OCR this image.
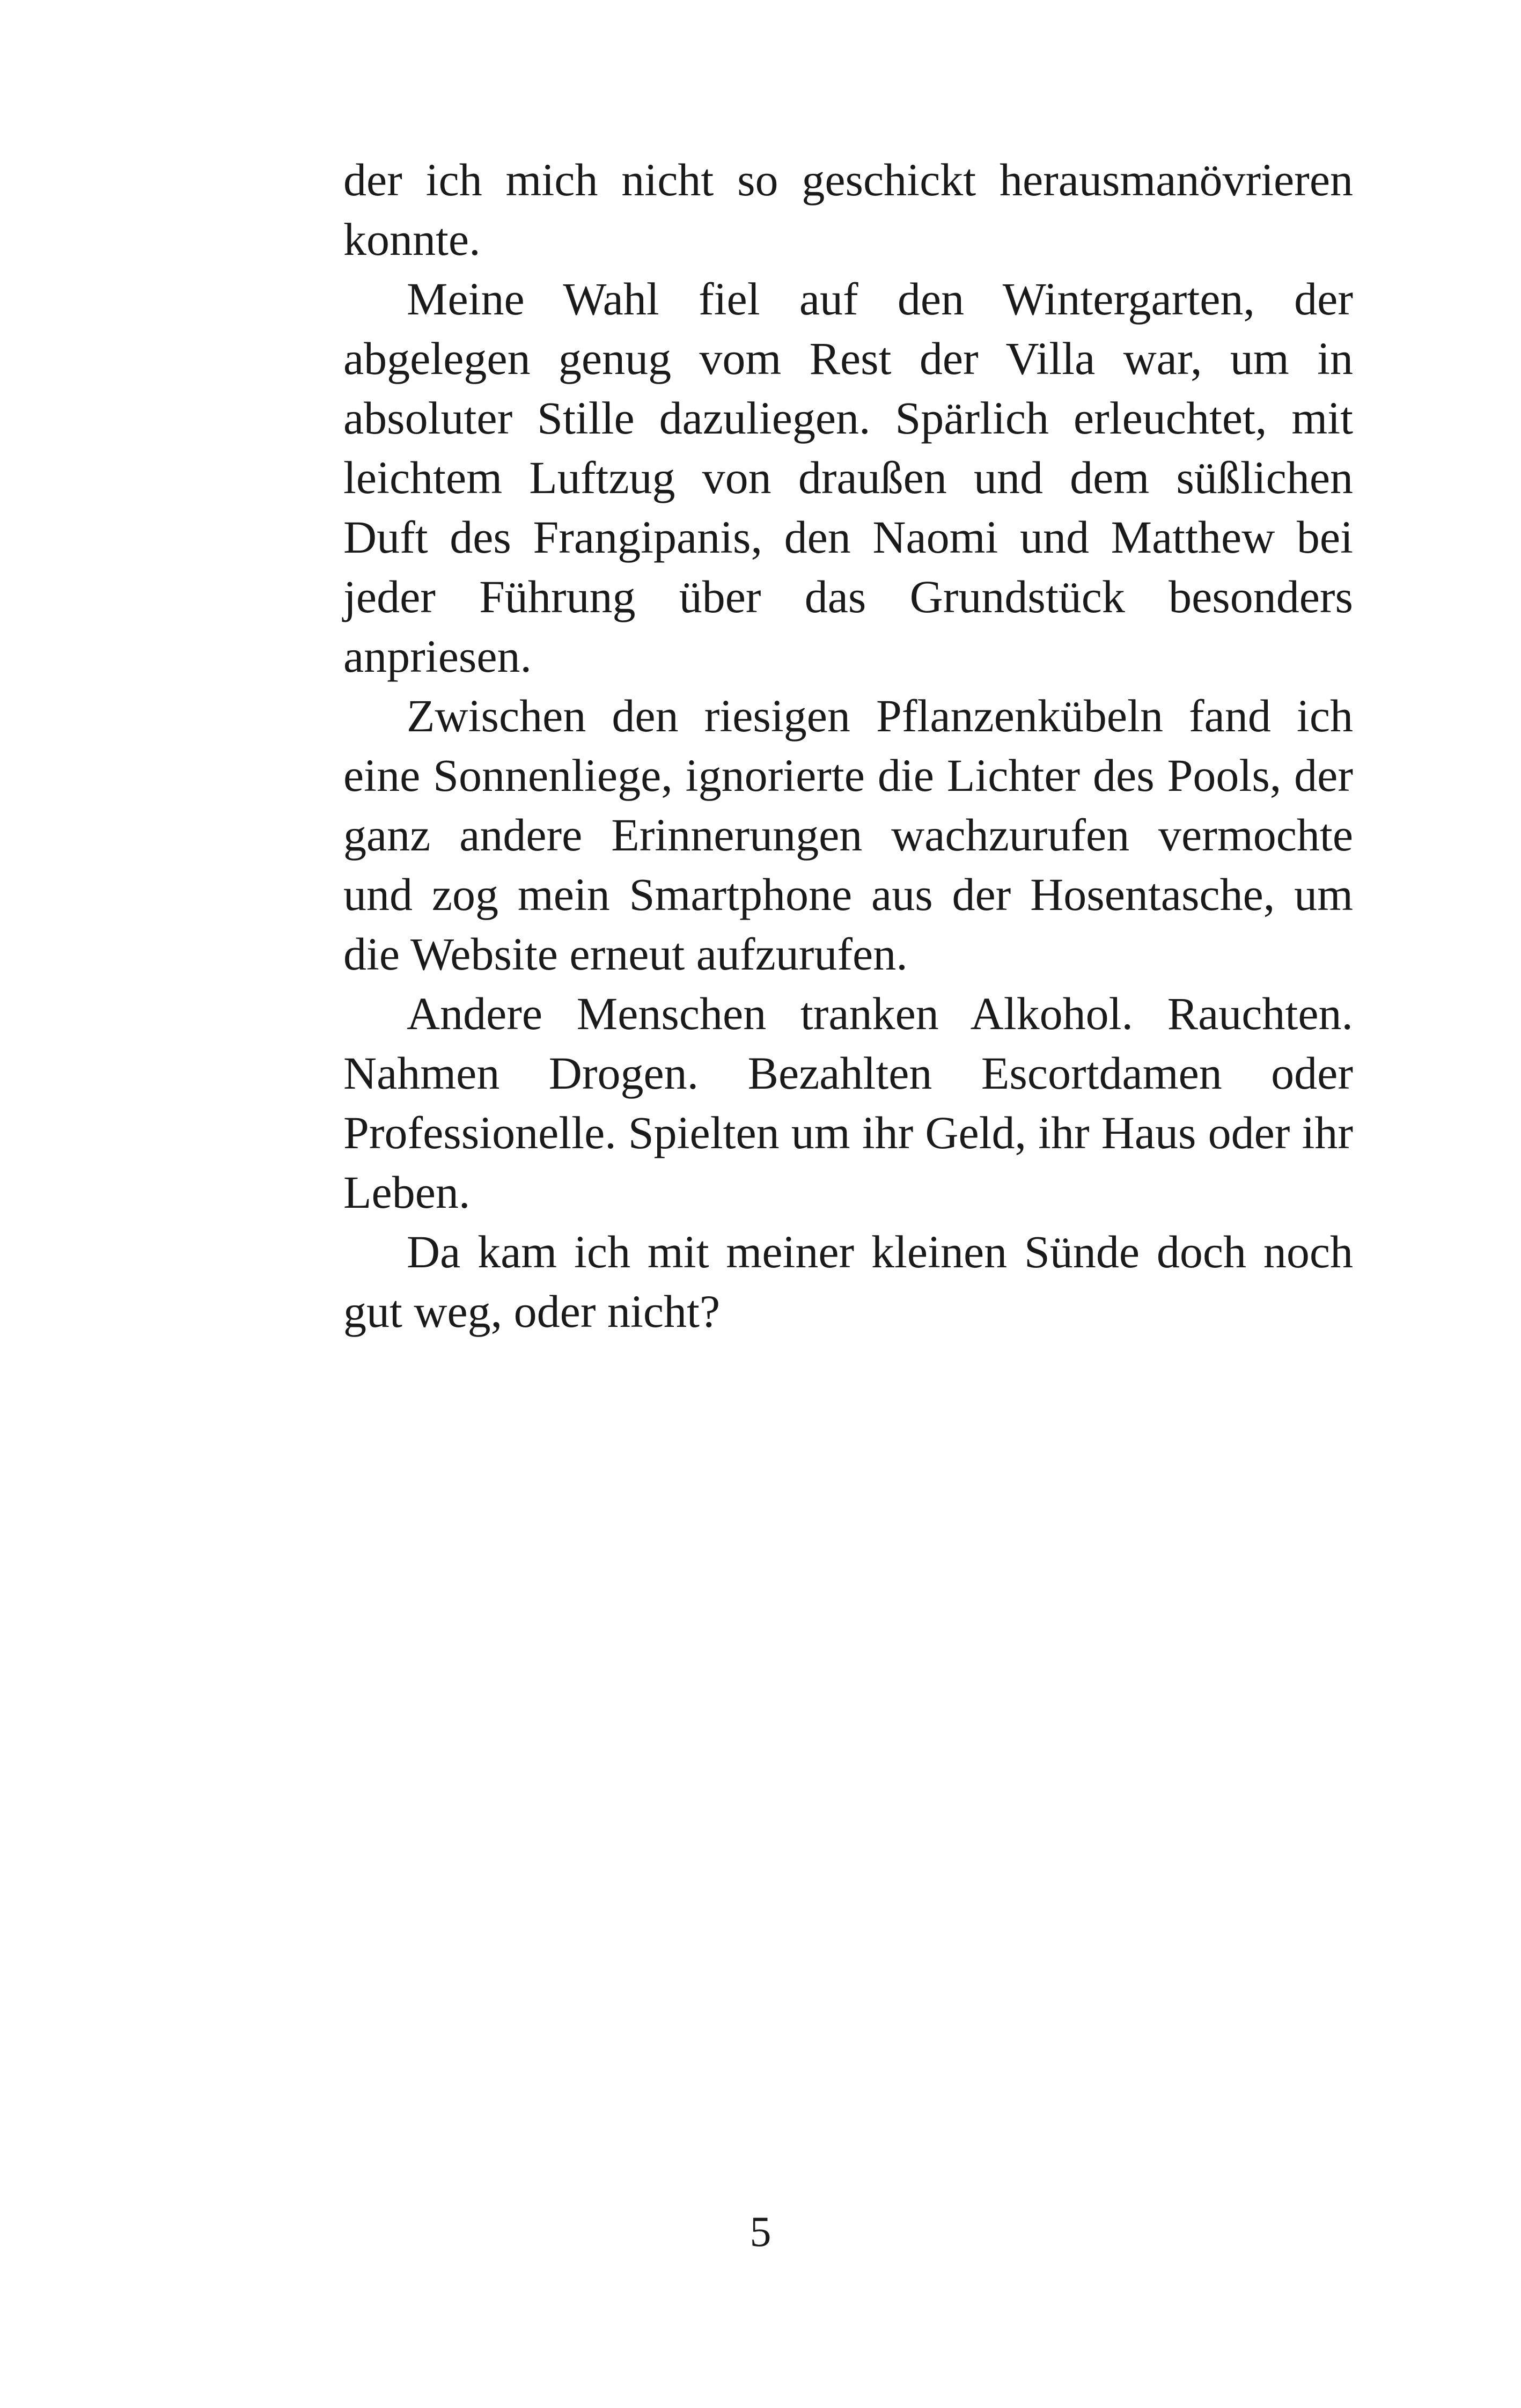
der ich mich nicht so geschickt herausmanövrieren konnte.

Meine Wahl fiel auf den Wintergarten, der abgelegen genug vom Rest der Villa war, um in absoluter Stille dazuliegen. Spärlich erleuchtet, mit leichtem Luftzug von draußen und dem süßlichen Duft des Frangipanis, den Naomi und Matthew bei jeder Führung über das Grundstück besonders anpriesen.

Zwischen den riesigen Pflanzenkübeln fand ich eine Sonnenliege, ignorierte die Lichter des Pools, der ganz andere Erinnerungen wachzurufen vermochte und zog mein Smartphone aus der Hosentasche, um die Website erneut aufzurufen.

Andere Menschen tranken Alkohol. Rauchten. Nahmen Drogen. Bezahlten Escortdamen oder Professionelle. Spielten um ihr Geld, ihr Haus oder ihr Leben.

Da kam ich mit meiner kleinen Sünde doch noch gut weg, oder nicht?

5
